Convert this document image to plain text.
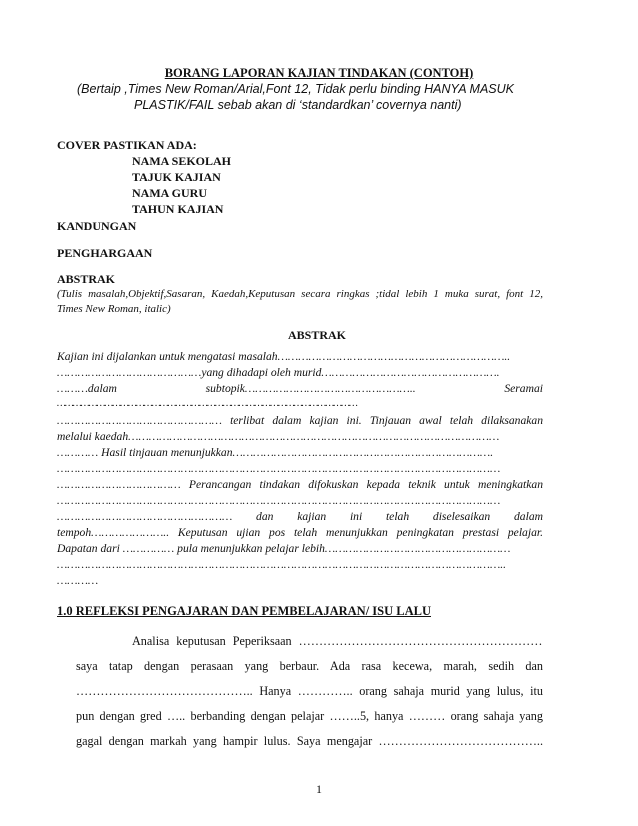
BORANG LAPORAN KAJIAN TINDAKAN (CONTOH)
(Bertaip ,Times New Roman/Arial,Font 12, Tidak perlu binding HANYA MASUK
PLASTIK/FAIL sebab akan di ‘standardkan’ covernya nanti)
COVER PASTIKAN ADA:
NAMA SEKOLAH
TAJUK KAJIAN
NAMA GURU
TAHUN KAJIAN
KANDUNGAN
PENGHARGAAN
ABSTRAK
(Tulis masalah,Objektif,Sasaran, Kaedah,Keputusan secara ringkas ;tidal lebih 1 muka surat, font 12,
Times New Roman, italic)
ABSTRAK
Kajian ini dijalankan untuk mengatasi masalah…………………………………………………………..
……………………………………yang dihadapi oleh murid…………………………………………….
………dalam subtopik………………………………………….. Seramai
……………………………………………………………………………………………………
………………………………………… terlibat dalam kajian ini. Tinjauan awal telah dilaksanakan
melalui kaedah………………………………………………………………………………………………
………… Hasil tinjauan menunjukkan………………………………………………………………….
…………………………………………………………………………………………………………………
……………………………… Perancangan tindakan difokuskan kepada teknik untuk meningkatkan
…………………………………………………………………………………………………………………
…………………………………………… dan kajian ini telah diselesaikan dalam
tempoh………………….. Keputusan ujian pos telah menunjukkan peningkatan prestasi pelajar.
Dapatan dari …………… pula menunjukkan pelajar lebih………………………………………………
…………………………………………………………………………………………………………………..
…………
1.0 REFLEKSI PENGAJARAN DAN PEMBELAJARAN/ ISU LALU
Analisa keputusan Peperiksaan ……………………………………………………
saya tatap dengan perasaan yang berbaur. Ada rasa kecewa, marah, sedih dan
…………………………………….. Hanya ………….. orang sahaja murid yang lulus, itu
pun dengan gred ….. berbanding dengan pelajar ……..5, hanya ……… orang sahaja yang
gagal dengan markah yang hampir lulus. Saya mengajar …………………………………..
1
